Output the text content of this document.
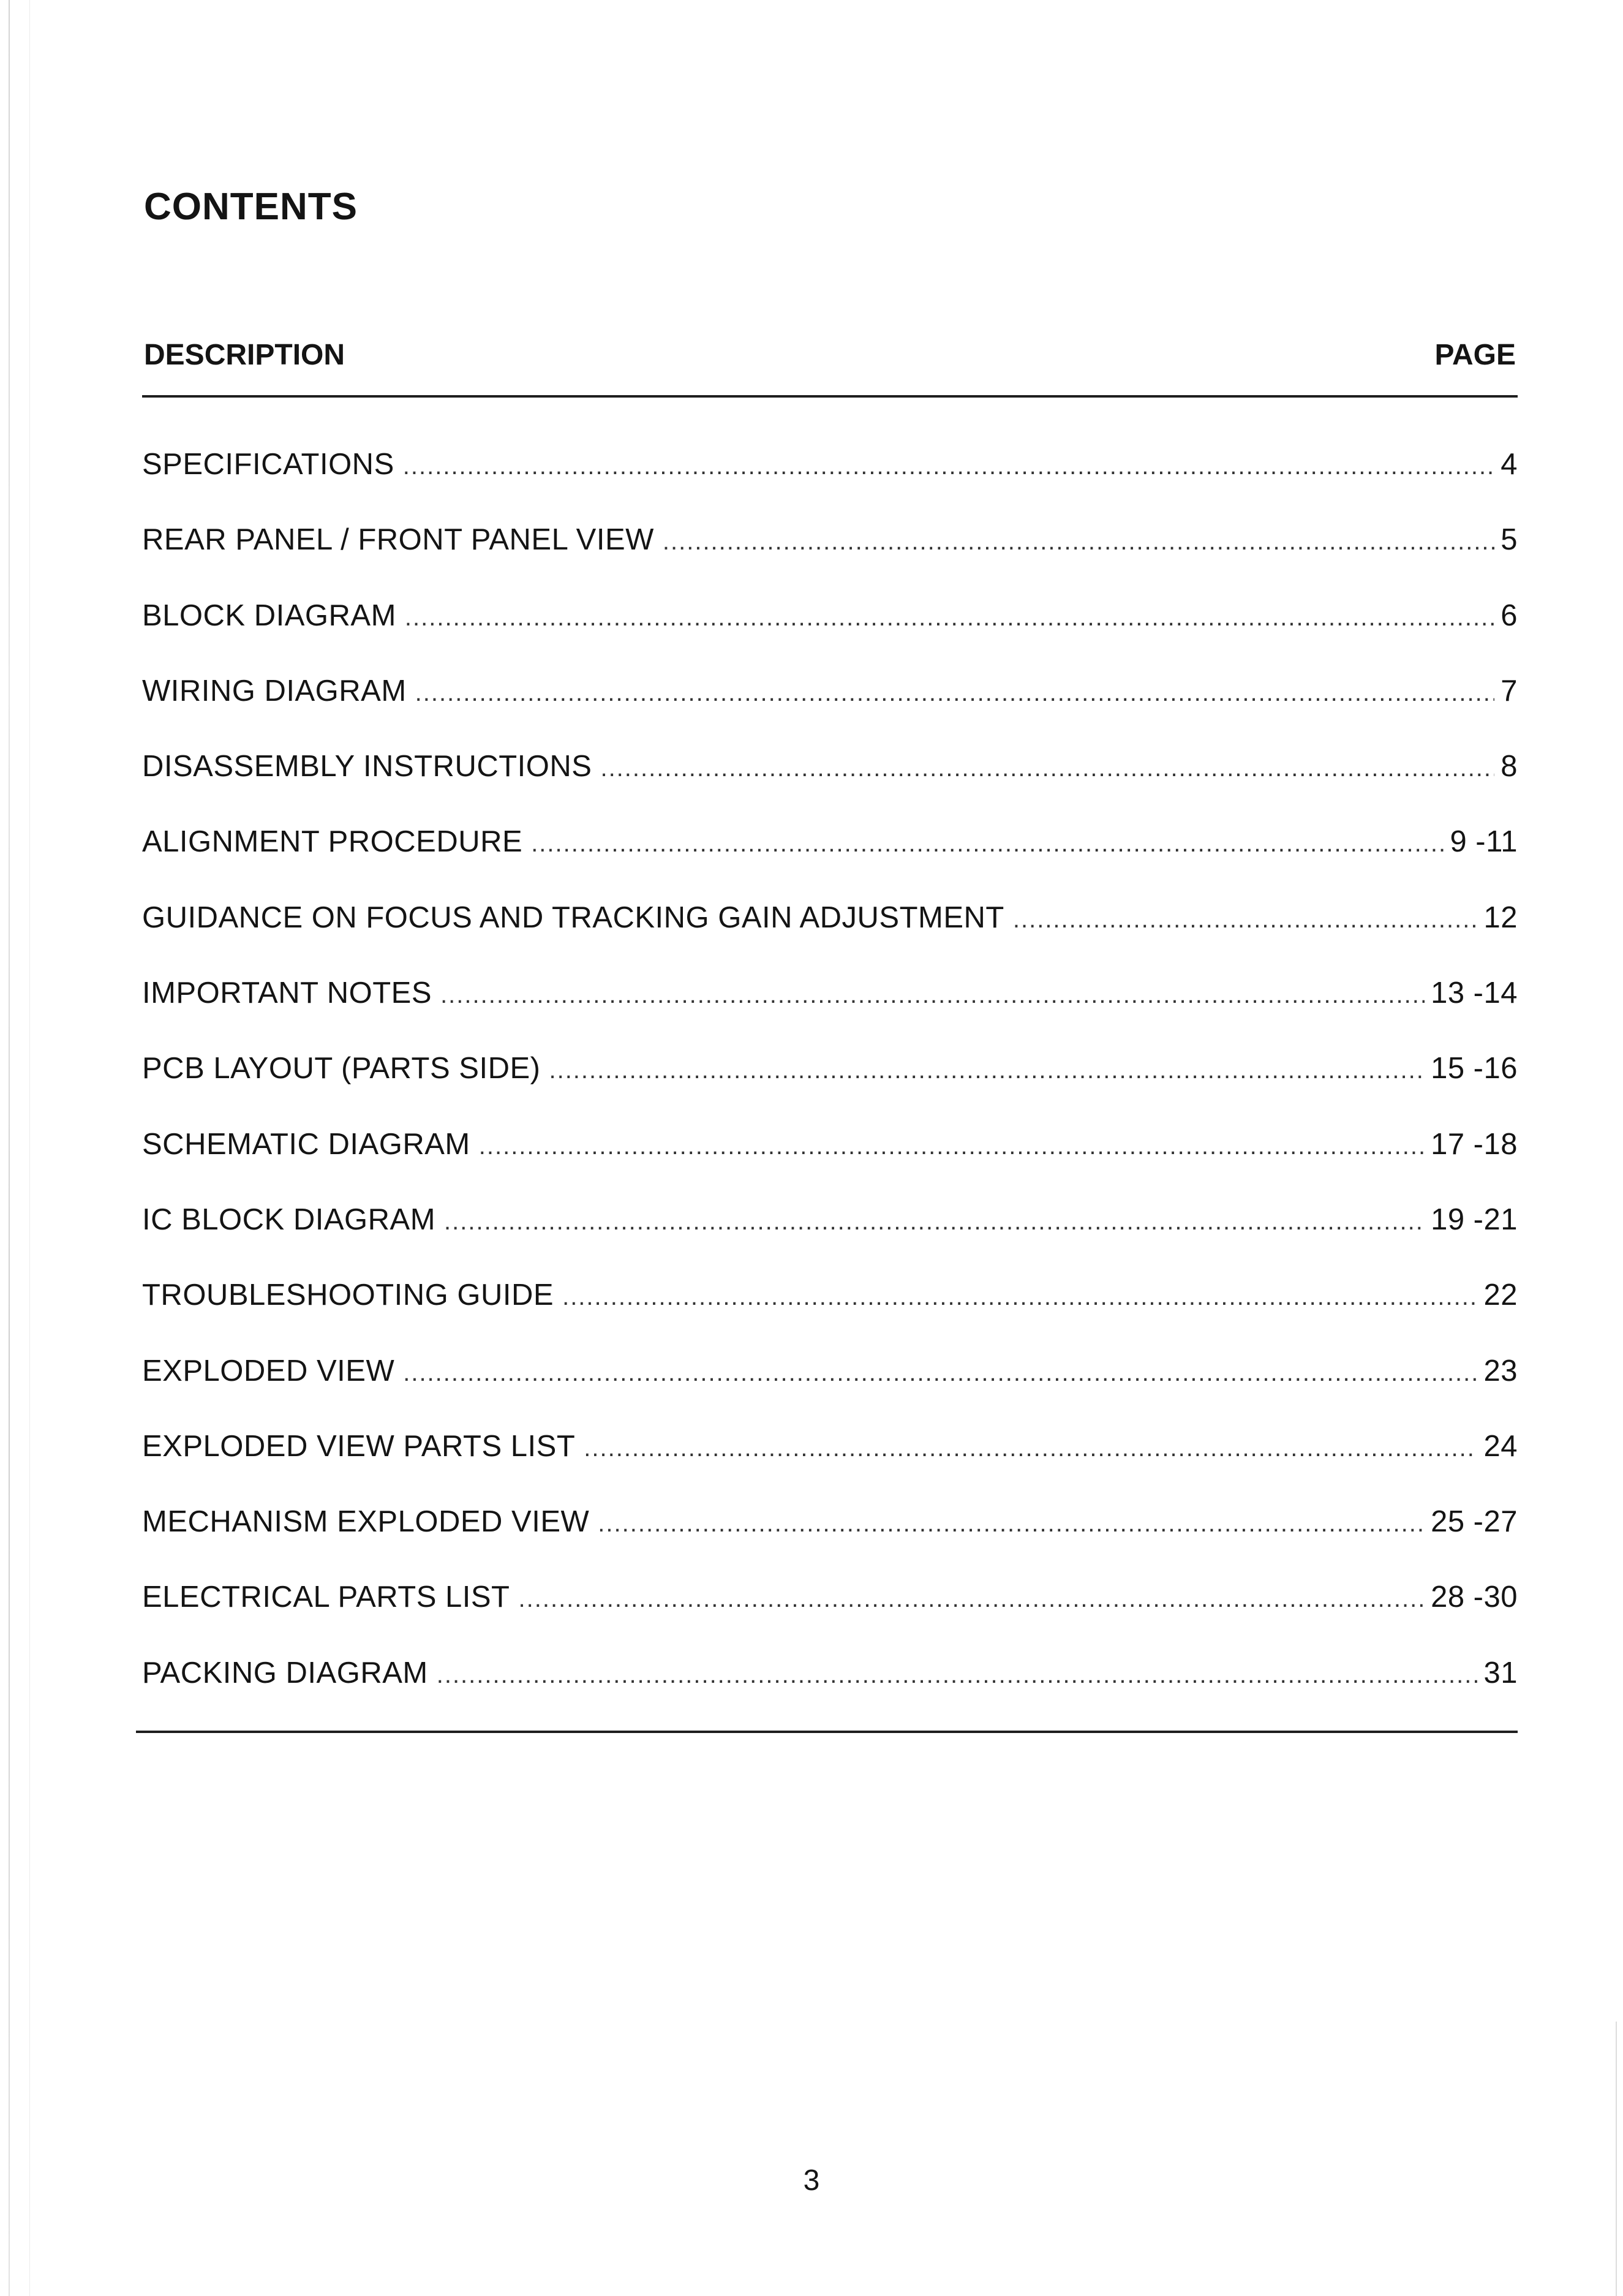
CONTENTS
DESCRIPTION	PAGE
SPECIFICATIONS .....	4
REAR PANEL / FRONT PANEL VIEW .....	5
BLOCK DIAGRAM .....	6
WIRING DIAGRAM .....	7
DISASSEMBLY INSTRUCTIONS .....	8
ALIGNMENT PROCEDURE .....	9 -11
GUIDANCE ON FOCUS AND TRACKING GAIN ADJUSTMENT .....	12
IMPORTANT NOTES .....	13 -14
PCB LAYOUT (PARTS SIDE) .....	15 -16
SCHEMATIC DIAGRAM .....	17 -18
IC BLOCK DIAGRAM .....	19 -21
TROUBLESHOOTING GUIDE .....	22
EXPLODED VIEW .....	23
EXPLODED VIEW PARTS LIST .....	24
MECHANISM EXPLODED VIEW .....	25 -27
ELECTRICAL PARTS LIST .....	28 -30
PACKING DIAGRAM .....	31
3
